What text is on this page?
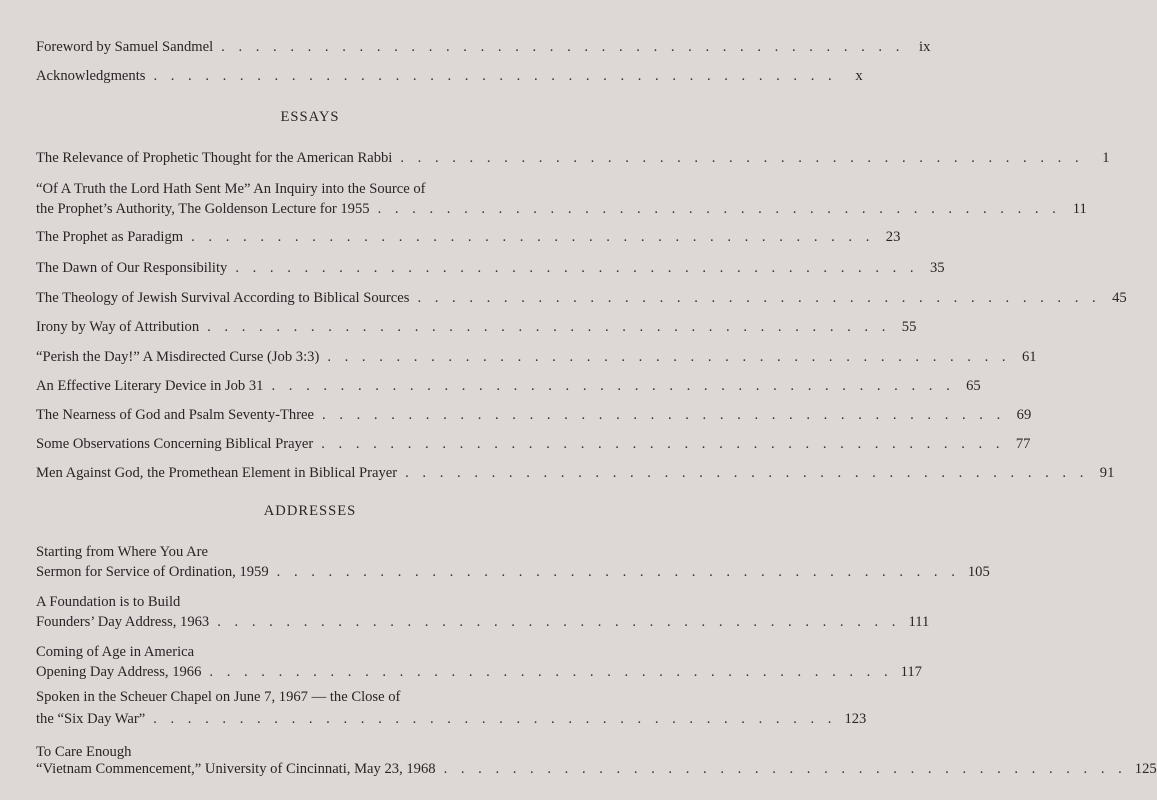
Foreword by Samuel Sandmel . . . . . . . . . . . . . . . . . . . . . . . . . . . . . . . . . . . . . . . .	ix
Acknowledgments . . . . . . . . . . . . . . . . . . . . . . . . . . . . . . . . . . . . . . . .	x
ESSAYS
The Relevance of Prophetic Thought for the American Rabbi . . . . . . . . . . . . . . . . . . . . . . . . . . . . . . . . . . . . . . . .	1
“Of A Truth the Lord Hath Sent Me” An Inquiry into the Source of
the Prophet’s Authority, The Goldenson Lecture for 1955 . . . . . . . . . . . . . . . . . . . . . . . . . . . . . . . . . . . . . . . . 11
The Prophet as Paradigm . . . . . . . . . . . . . . . . . . . . . . . . . . . . . . . . . . . . . . . . 23
The Dawn of Our Responsibility . . . . . . . . . . . . . . . . . . . . . . . . . . . . . . . . . . . . . . . . 35
The Theology of Jewish Survival According to Biblical Sources . . . . . . . . . . . . . . . . . . . . . . . . . . . . . . . . . . . . . . . . 45
Irony by Way of Attribution . . . . . . . . . . . . . . . . . . . . . . . . . . . . . . . . . . . . . . . . 55
“Perish the Day!” A Misdirected Curse (Job 3:3) . . . . . . . . . . . . . . . . . . . . . . . . . . . . . . . . . . . . . . . . 61
An Effective Literary Device in Job 31 . . . . . . . . . . . . . . . . . . . . . . . . . . . . . . . . . . . . . . . . 65
The Nearness of God and Psalm Seventy-Three . . . . . . . . . . . . . . . . . . . . . . . . . . . . . . . . . . . . . . . . 69
Some Observations Concerning Biblical Prayer . . . . . . . . . . . . . . . . . . . . . . . . . . . . . . . . . . . . . . . . 77
Men Against God, the Promethean Element in Biblical Prayer . . . . . . . . . . . . . . . . . . . . . . . . . . . . . . . . . . . . . . . . 91
ADDRESSES
Starting from Where You Are
Sermon for Service of Ordination, 1959 . . . . . . . . . . . . . . . . . . . . . . . . . . . . . . . . . . . . . . . . 105
A Foundation is to Build
Founders’ Day Address, 1963 . . . . . . . . . . . . . . . . . . . . . . . . . . . . . . . . . . . . . . . . 111
Coming of Age in America
Opening Day Address, 1966 . . . . . . . . . . . . . . . . . . . . . . . . . . . . . . . . . . . . . . . . 117
Spoken in the Scheuer Chapel on June 7, 1967 — the Close of
the “Six Day War” . . . . . . . . . . . . . . . . . . . . . . . . . . . . . . . . . . . . . . . . 123
To Care Enough
“Vietnam Commencement,” University of Cincinnati, May 23, 1968 . . . . . . . . . . . . . . . . . . . . . . . . . . . . . . . . . . . . . . . . 125
